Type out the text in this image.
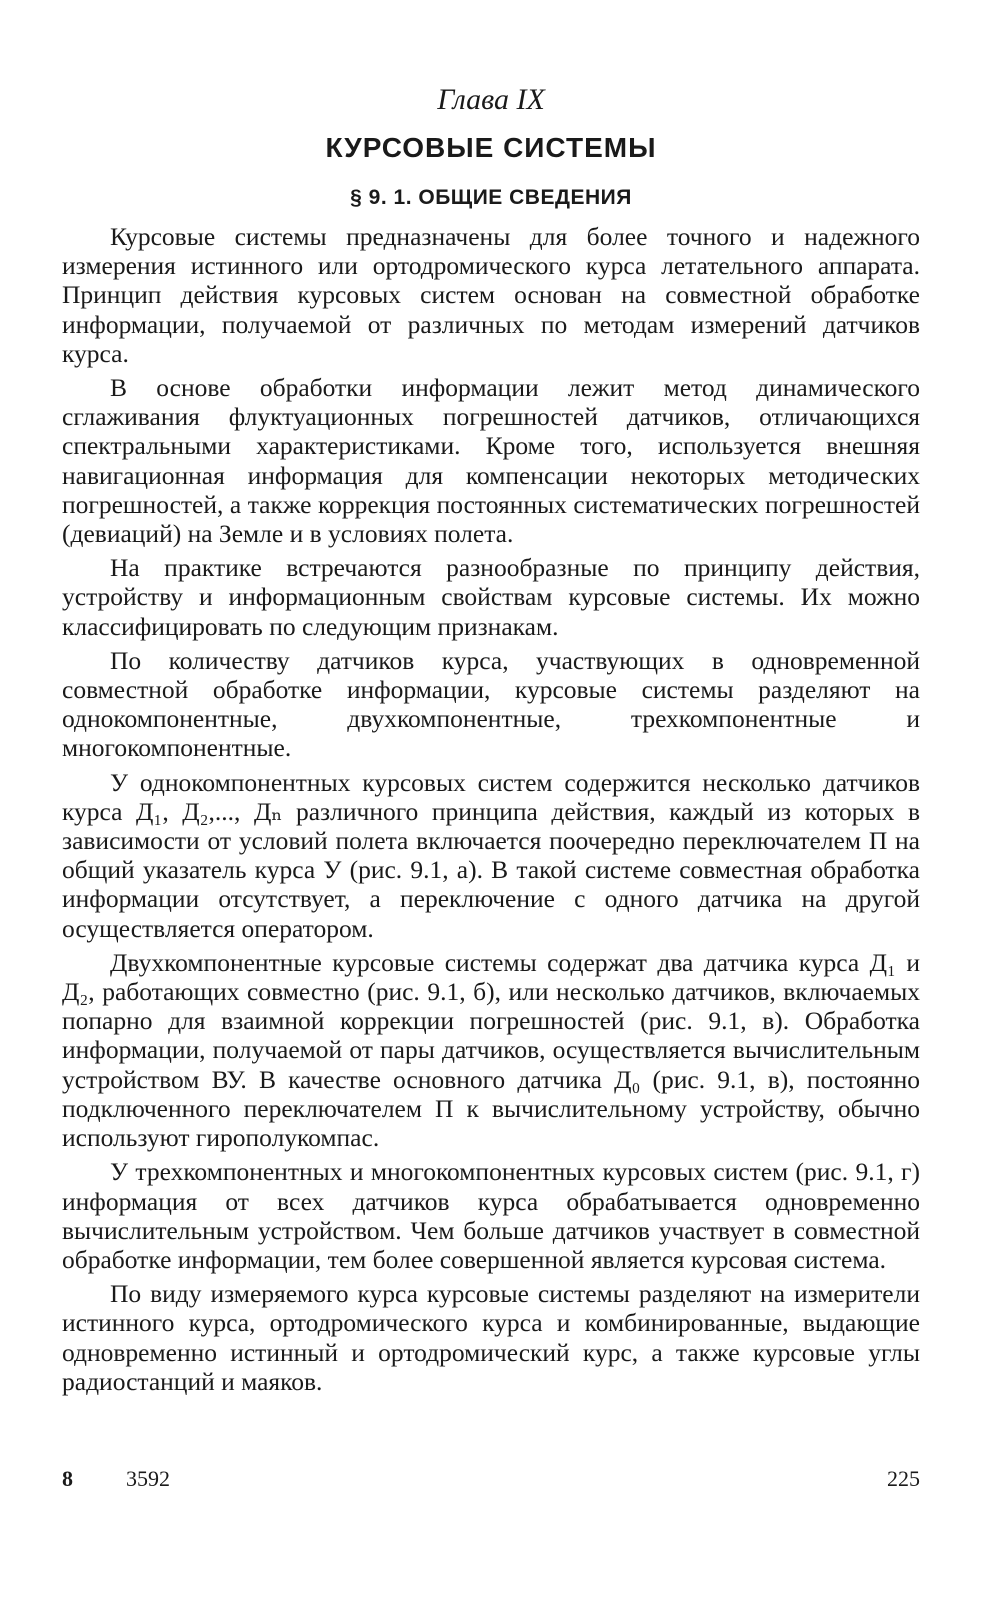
Глава IX
КУРСОВЫЕ СИСТЕМЫ
§ 9. 1. ОБЩИЕ СВЕДЕНИЯ

Курсовые системы предназначены для более точного и надежного измерения истинного или ортодромического курса летательного аппарата. Принцип действия курсовых систем основан на совместной обработке информации, получаемой от различных по методам измерений датчиков курса.

В основе обработки информации лежит метод динамического сглаживания флуктуационных погрешностей датчиков, отличающихся спектральными характеристиками. Кроме того, используется внешняя навигационная информация для компенсации некоторых методических погрешностей, а также коррекция постоянных систематических погрешностей (девиаций) на Земле и в условиях полета.

На практике встречаются разнообразные по принципу действия, устройству и информационным свойствам курсовые системы. Их можно классифицировать по следующим признакам.

По количеству датчиков курса, участвующих в одновременной совместной обработке информации, курсовые системы разделяют на однокомпонентные, двухкомпонентные, трехкомпонентные и многокомпонентные.

У однокомпонентных курсовых систем содержится несколько датчиков курса Д₁, Д₂,..., Дₙ различного принципа действия, каждый из которых в зависимости от условий полета включается поочередно переключателем П на общий указатель курса У (рис. 9.1, а). В такой системе совместная обработка информации отсутствует, а переключение с одного датчика на другой осуществляется оператором.

Двухкомпонентные курсовые системы содержат два датчика курса Д₁ и Д₂, работающих совместно (рис. 9.1, б), или несколько датчиков, включаемых попарно для взаимной коррекции погрешностей (рис. 9.1, в). Обработка информации, получаемой от пары датчиков, осуществляется вычислительным устройством ВУ. В качестве основного датчика Д₀ (рис. 9.1, в), постоянно подключенного переключателем П к вычислительному устройству, обычно используют гирополукомпас.

У трехкомпонентных и многокомпонентных курсовых систем (рис. 9.1, г) информация от всех датчиков курса обрабатывается одновременно вычислительным устройством. Чем больше датчиков участвует в совместной обработке информации, тем более совершенной является курсовая система.

По виду измеряемого курса курсовые системы разделяют на измерители истинного курса, ортодромического курса и комбинированные, выдающие одновременно истинный и ортодромический курс, а также курсовые углы радиостанций и маяков.

8 3592	225
